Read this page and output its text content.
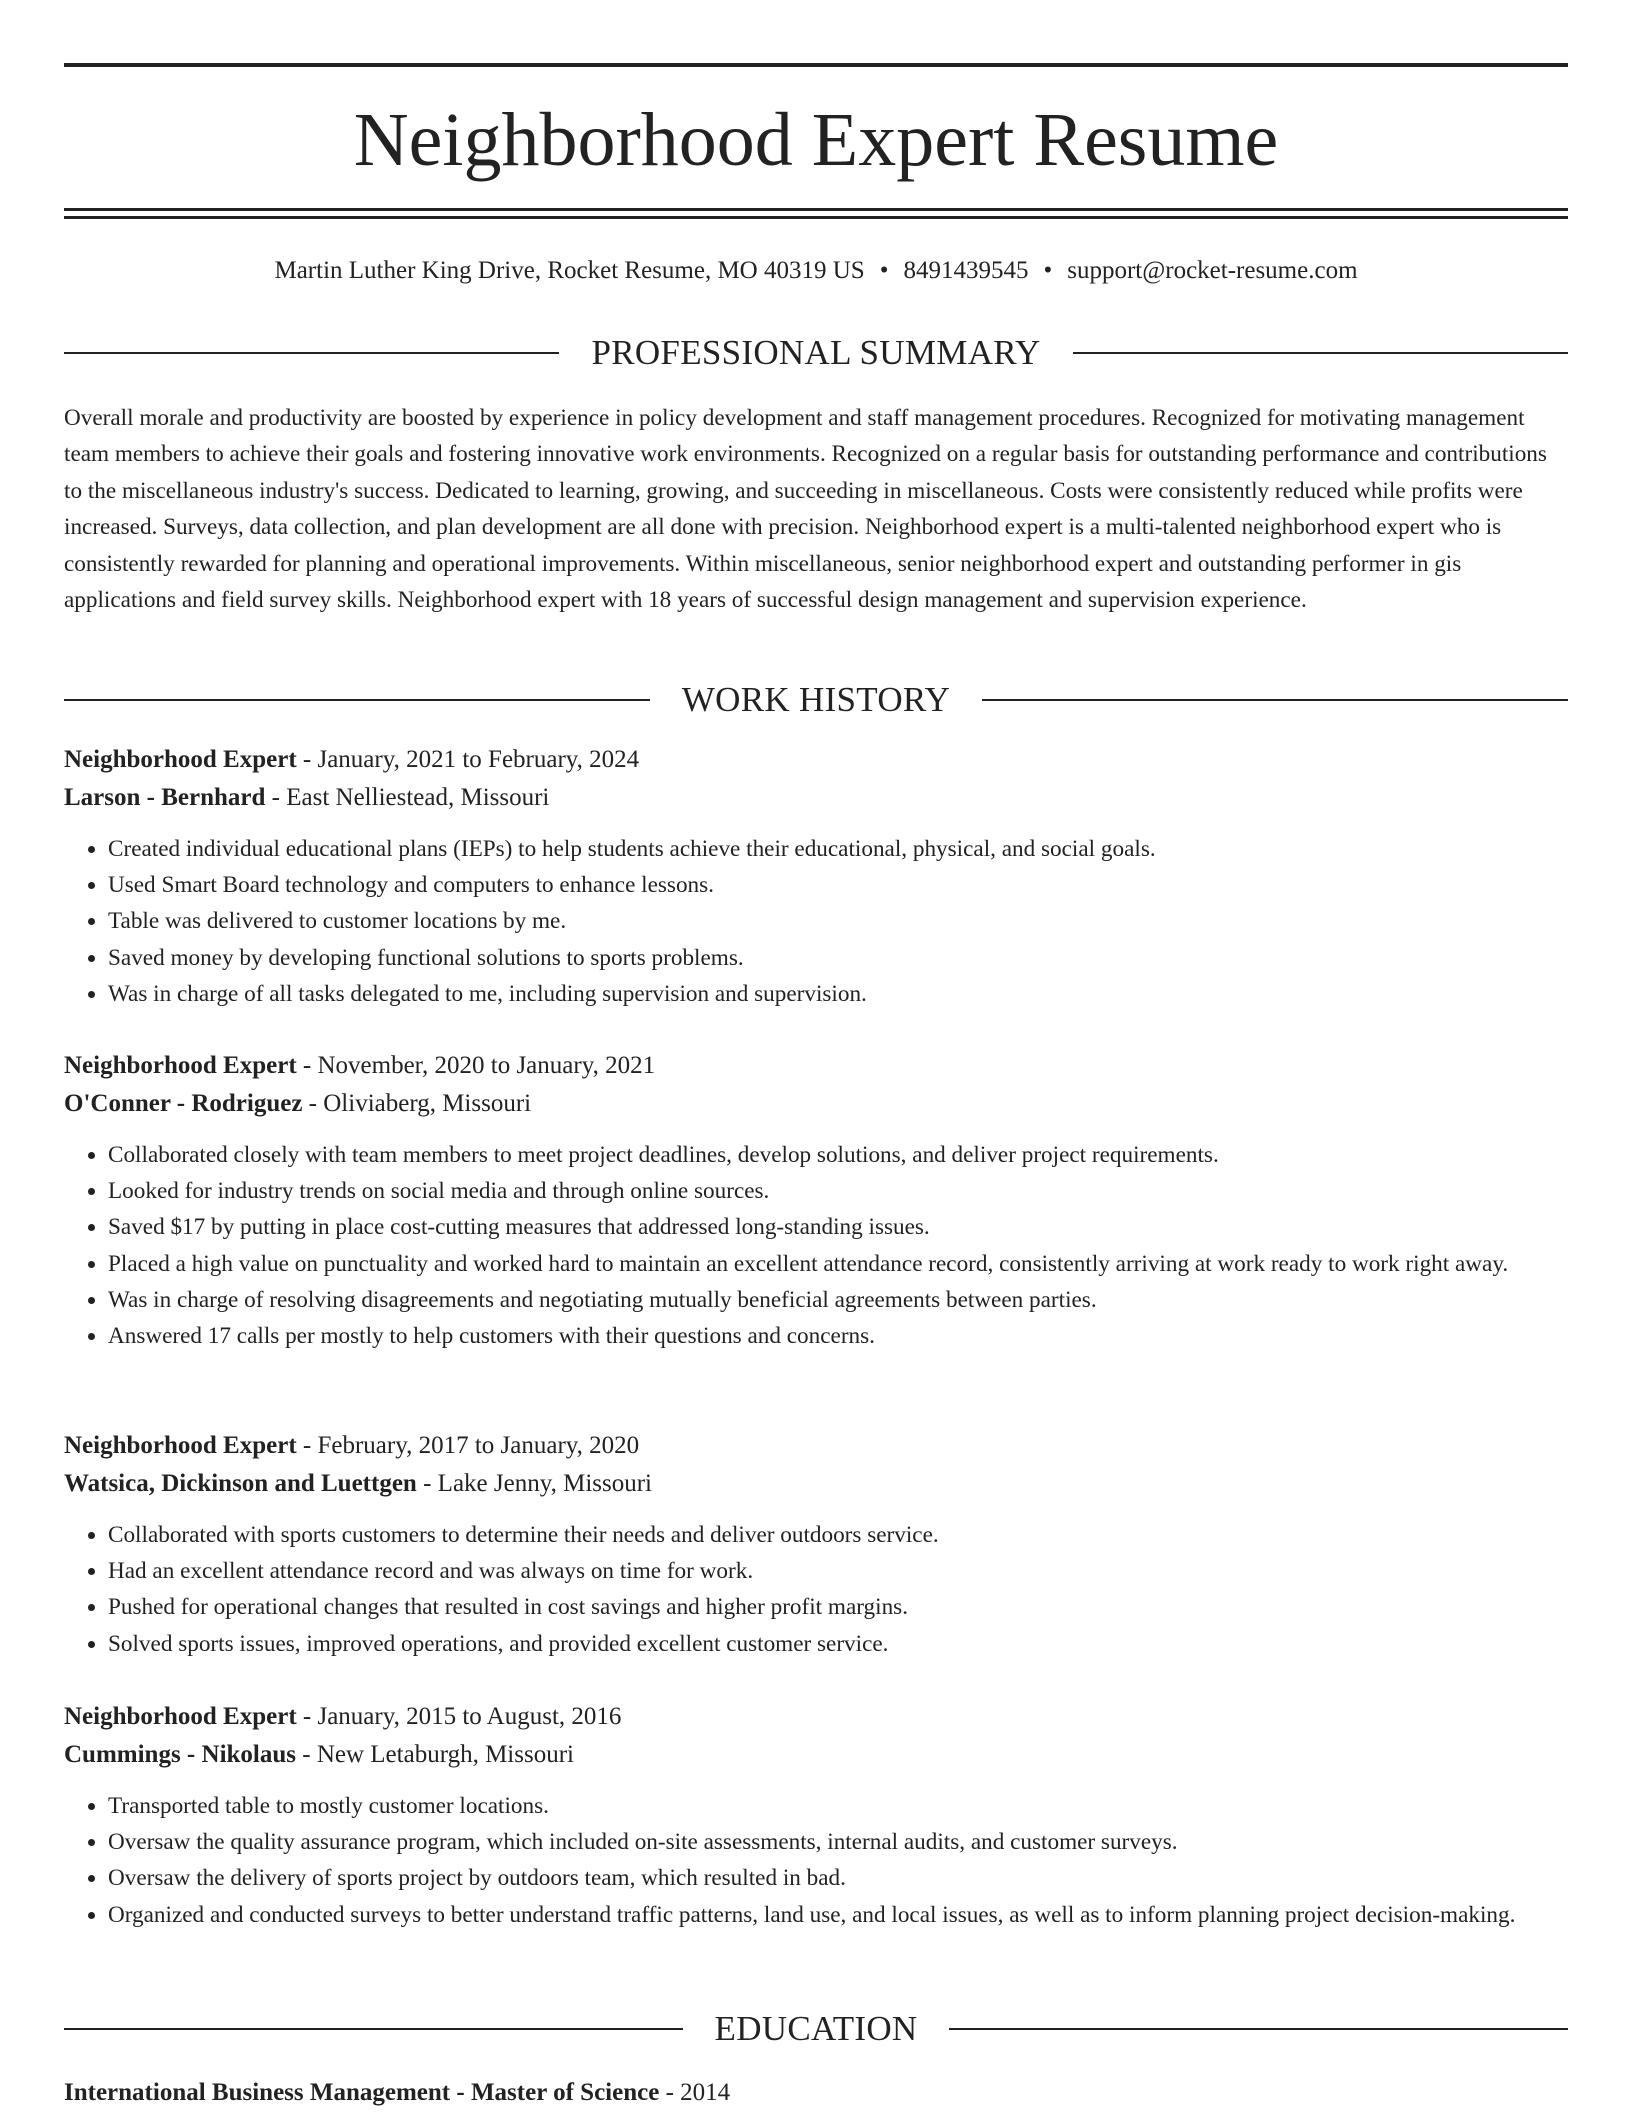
Neighborhood Expert Resume
Martin Luther King Drive, Rocket Resume, MO 40319 US • 8491439545 • support@rocket-resume.com
PROFESSIONAL SUMMARY

Overall morale and productivity are boosted by experience in policy development and staff management procedures. Recognized for motivating management team members to achieve their goals and fostering innovative work environments. Recognized on a regular basis for outstanding performance and contributions to the miscellaneous industry's success. Dedicated to learning, growing, and succeeding in miscellaneous. Costs were consistently reduced while profits were increased. Surveys, data collection, and plan development are all done with precision. Neighborhood expert is a multi-talented neighborhood expert who is consistently rewarded for planning and operational improvements. Within miscellaneous, senior neighborhood expert and outstanding performer in gis applications and field survey skills. Neighborhood expert with 18 years of successful design management and supervision experience.

WORK HISTORY
Neighborhood Expert - January, 2021 to February, 2024
Larson - Bernhard - East Nelliestead, Missouri
• Created individual educational plans (IEPs) to help students achieve their educational, physical, and social goals.
• Used Smart Board technology and computers to enhance lessons.
• Table was delivered to customer locations by me.
• Saved money by developing functional solutions to sports problems.
• Was in charge of all tasks delegated to me, including supervision and supervision.
Neighborhood Expert - November, 2020 to January, 2021
O'Conner - Rodriguez - Oliviaberg, Missouri
• Collaborated closely with team members to meet project deadlines, develop solutions, and deliver project requirements.
• Looked for industry trends on social media and through online sources.
• Saved $17 by putting in place cost-cutting measures that addressed long-standing issues.
• Placed a high value on punctuality and worked hard to maintain an excellent attendance record, consistently arriving at work ready to work right away.
• Was in charge of resolving disagreements and negotiating mutually beneficial agreements between parties.
• Answered 17 calls per mostly to help customers with their questions and concerns.
Neighborhood Expert - February, 2017 to January, 2020
Watsica, Dickinson and Luettgen - Lake Jenny, Missouri
• Collaborated with sports customers to determine their needs and deliver outdoors service.
• Had an excellent attendance record and was always on time for work.
• Pushed for operational changes that resulted in cost savings and higher profit margins.
• Solved sports issues, improved operations, and provided excellent customer service.
Neighborhood Expert - January, 2015 to August, 2016
Cummings - Nikolaus - New Letaburgh, Missouri
• Transported table to mostly customer locations.
• Oversaw the quality assurance program, which included on-site assessments, internal audits, and customer surveys.
• Oversaw the delivery of sports project by outdoors team, which resulted in bad.
• Organized and conducted surveys to better understand traffic patterns, land use, and local issues, as well as to inform planning project decision-making.
EDUCATION
International Business Management - Master of Science - 2014
